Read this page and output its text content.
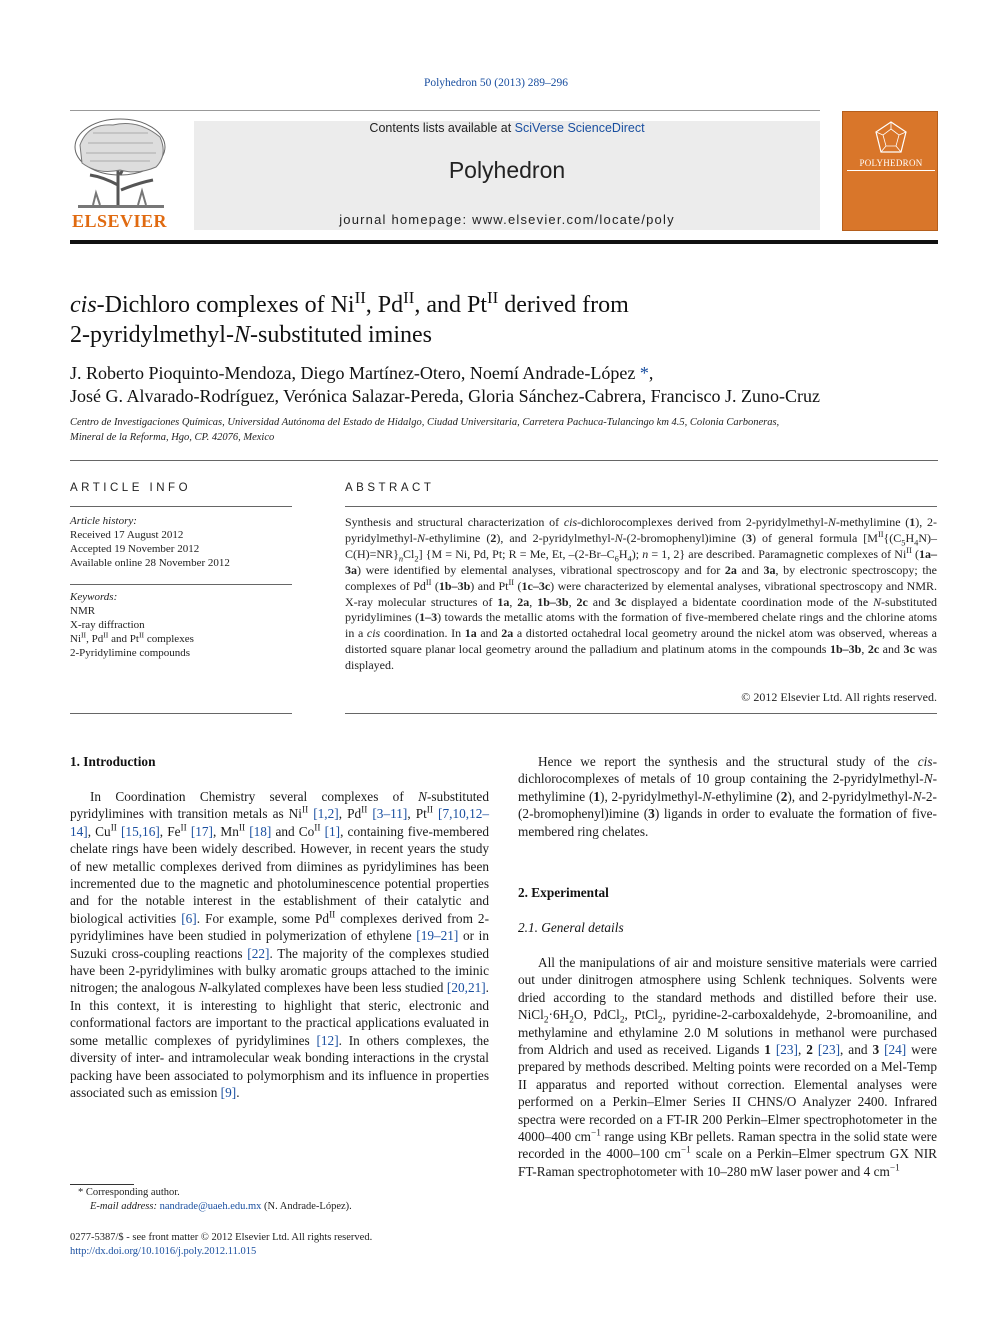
Polyhedron 50 (2013) 289–296
ELSEVIER
Contents lists available at SciVerse ScienceDirect
Polyhedron
journal homepage: www.elsevier.com/locate/poly
POLYHEDRON
cis-Dichloro complexes of $Ni^{II}$, $Pd^{II}$, and $Pt^{II}$ derived from
2-pyridylmethyl-N-substituted imines
J. Roberto Pioquinto-Mendoza, Diego Martínez-Otero, Noemí Andrade-López *,
José G. Alvarado-Rodríguez, Verónica Salazar-Pereda, Gloria Sánchez-Cabrera, Francisco J. Zuno-Cruz
Centro de Investigaciones Químicas, Universidad Autónoma del Estado de Hidalgo, Ciudad Universitaria, Carretera Pachuca-Tulancingo km 4.5, Colonia Carboneras,
Mineral de la Reforma, Hgo, CP. 42076, Mexico
ARTICLE INFO
Article history:
Received 17 August 2012
Accepted 19 November 2012
Available online 28 November 2012
Keywords:
NMR
X-ray diffraction
$Ni^{II}$, $Pd^{II}$ and $Pt^{II}$ complexes
2-Pyridylimine compounds
ABSTRACT
Synthesis and structural characterization of cis-dichlorocomplexes derived from 2-pyridylmethyl-N-methylimine (1), 2-pyridylmethyl-N-ethylimine (2), and 2-pyridylmethyl-N-(2-bromophenyl)imine (3) of general formula $[M^{II}\{(C_5H_4N)-C(H)=NR\}_nCl_2] \{M = Ni$, Pd, Pt; R = Me, Et, $-(2-Br-C_6H_4)$; n = 1, 2} are described. Paramagnetic complexes of $Ni^{II}$ (1a–3a) were identified by elemental analyses, vibrational spectroscopy and for 2a and 3a, by electronic spectroscopy; the complexes of $Pd^{II}$ (1b–3b) and $Pt^{II}$ (1c–3c) were characterized by elemental analyses, vibrational spectroscopy and NMR. X-ray molecular structures of 1a, 2a, 1b–3b, 2c and 3c displayed a bidentate coordination mode of the N-substituted pyridylimines (1–3) towards the metallic atoms with the formation of five-membered chelate rings and the chlorine atoms in a cis coordination. In 1a and 2a a distorted octahedral local geometry around the nickel atom was observed, whereas a distorted square planar local geometry around the palladium and platinum atoms in the compounds 1b–3b, 2c and 3c was displayed.
© 2012 Elsevier Ltd. All rights reserved.
1. Introduction

In Coordination Chemistry several complexes of N-substituted pyridylimines with transition metals as $Ni^{II}$ [1,2], $Pd^{II}$ [3–11], $Pt^{II}$ [7,10,12–14], $Cu^{II}$ [15,16], $Fe^{II}$ [17], $Mn^{II}$ [18] and $Co^{II}$ [1], containing five-membered chelate rings have been widely described. However, in recent years the study of new metallic complexes derived from diimines as pyridylimines has been incremented due to the magnetic and photoluminescence potential properties and for the notable interest in the establishment of their catalytic and biological activities [6]. For example, some $Pd^{II}$ complexes derived from 2-pyridylimines have been studied in polymerization of ethylene [19–21] or in Suzuki cross-coupling reactions [22]. The majority of the complexes studied have been 2-pyridylimines with bulky aromatic groups attached to the iminic nitrogen; the analogous N-alkylated complexes have been less studied [20,21]. In this context, it is interesting to highlight that steric, electronic and conformational factors are important to the practical applications evaluated in some metallic complexes of pyridylimines [12]. In others complexes, the diversity of inter- and intramolecular weak bonding interactions in the crystal packing have been associated to polymorphism and its influence in properties associated such as emission [9].

* Corresponding author.
E-mail address: nandrade@uaeh.edu.mx (N. Andrade-López).
0277-5387/$ - see front matter © 2012 Elsevier Ltd. All rights reserved.
http://dx.doi.org/10.1016/j.poly.2012.11.015

Hence we report the synthesis and the structural study of the cis-dichlorocomplexes of metals of 10 group containing the 2-pyridylmethyl-N-methylimine (1), 2-pyridylmethyl-N-ethylimine (2), and 2-pyridylmethyl-N-2-(2-bromophenyl)imine (3) ligands in order to evaluate the formation of five-membered ring chelates.

2. Experimental
2.1. General details

All the manipulations of air and moisture sensitive materials were carried out under dinitrogen atmosphere using Schlenk techniques. Solvents were dried according to the standard methods and distilled before their use. $NiCl_2\cdot 6H_2O$, PdCl$_2$, PtCl$_2$, pyridine-2-carboxaldehyde, 2-bromoaniline, and methylamine and ethylamine 2.0 M solutions in methanol were purchased from Aldrich and used as received. Ligands 1 [23], 2 [23], and 3 [24] were prepared by methods described. Melting points were recorded on a Mel-Temp II apparatus and reported without correction. Elemental analyses were performed on a Perkin–Elmer Series II CHNS/O Analyzer 2400. Infrared spectra were recorded on a FT-IR 200 Perkin–Elmer spectrophotometer in the 4000–400 $cm^{-1}$ range using KBr pellets. Raman spectra in the solid state were recorded in the 4000–100 $cm^{-1}$ scale on a Perkin–Elmer spectrum GX NIR FT-Raman spectrophotometer with 10–280 mW laser power and 4 $cm^{-1}$
